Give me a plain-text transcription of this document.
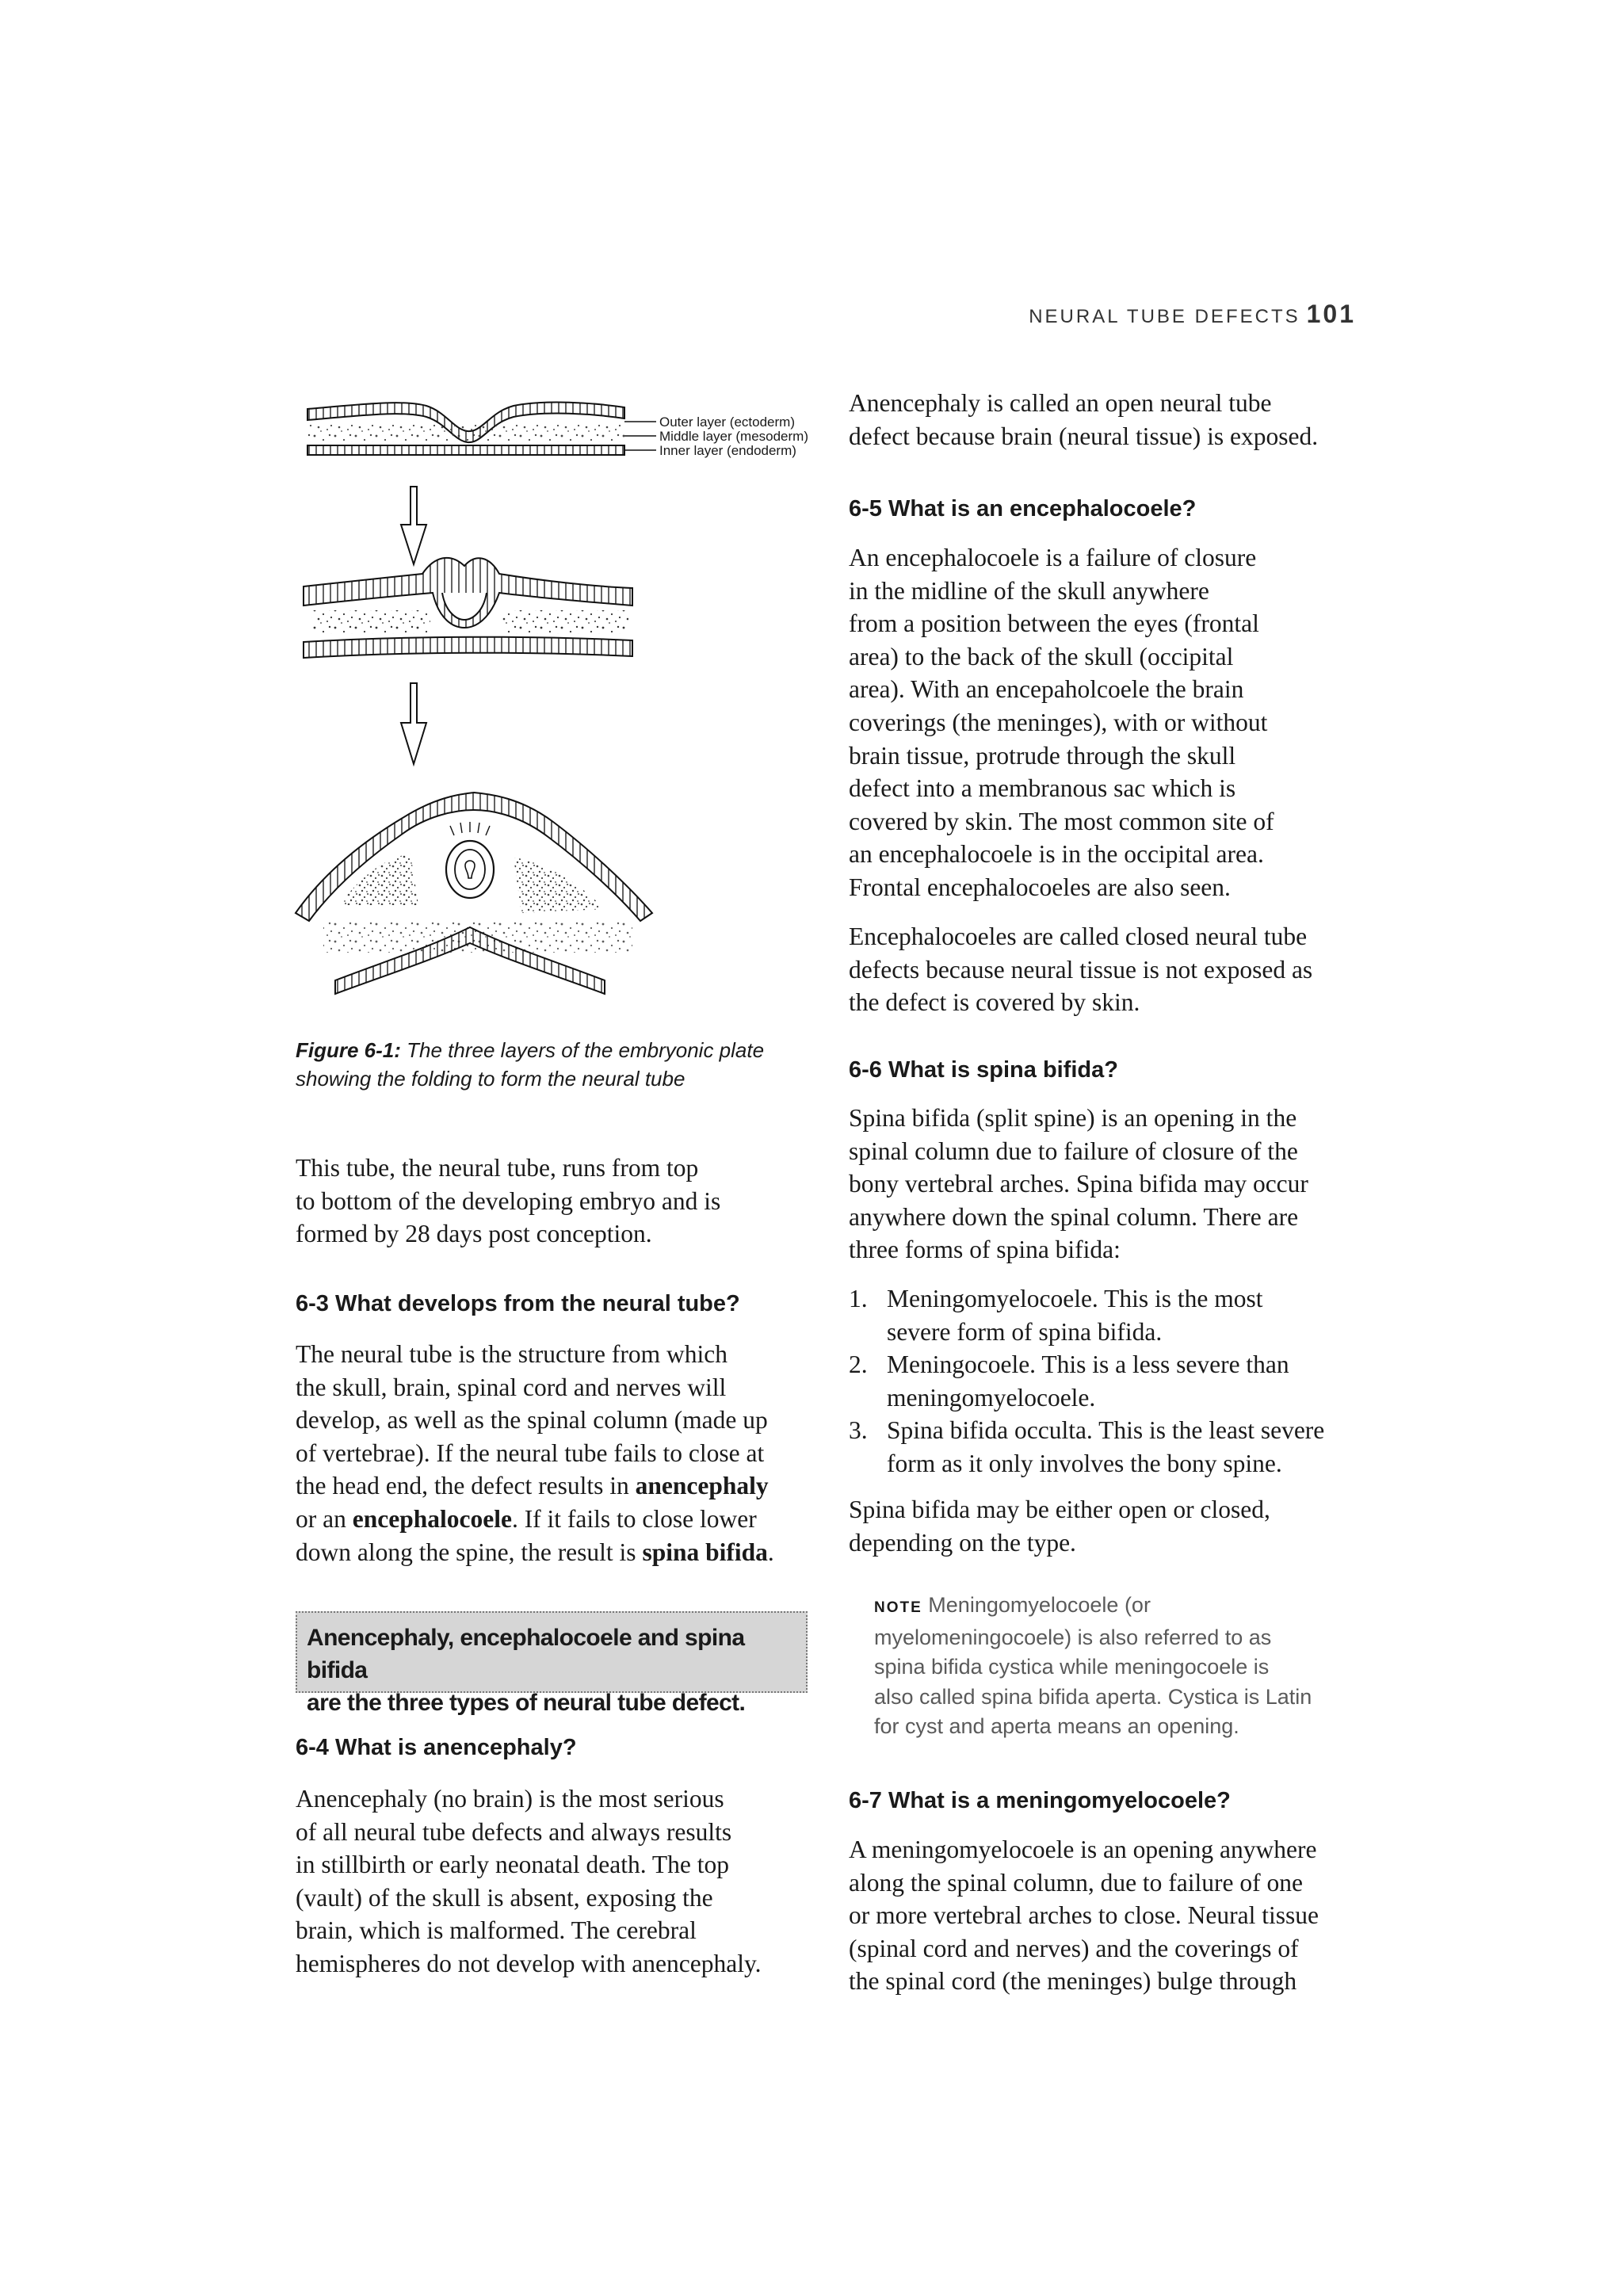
NEURAL TUBE DEFECTS 101
Outer layer (ectoderm)
Middle layer (mesoderm)
Inner layer (endoderm)

Figure 6-1: The three layers of the embryonic plate

showing the folding to form the neural tube

This tube, the neural tube, runs from top

to bottom of the developing embryo and is

formed by 28 days post conception.

6-3 What develops from the neural tube?

The neural tube is the structure from which

the skull, brain, spinal cord and nerves will

develop, as well as the spinal column (made up

of vertebrae). If the neural tube fails to close at

the head end, the defect results in anencephaly

or an encephalocoele. If it fails to close lower

down along the spine, the result is spina bifida.

Anencephaly, encephalocoele and spina bifida
are the three types of neural tube defect.
6-4 What is anencephaly?

Anencephaly (no brain) is the most serious

of all neural tube defects and always results

in stillbirth or early neonatal death. The top

(vault) of the skull is absent, exposing the

brain, which is malformed. The cerebral

hemispheres do not develop with anencephaly.

Anencephaly is called an open neural tube

defect because brain (neural tissue) is exposed.

6-5 What is an encephalocoele?

An encephalocoele is a failure of closure

in the midline of the skull anywhere

from a position between the eyes (frontal

area) to the back of the skull (occipital

area). With an encepaholcoele the brain

coverings (the meninges), with or without

brain tissue, protrude through the skull

defect into a membranous sac which is

covered by skin. The most common site of

an encephalocoele is in the occipital area.

Frontal encephalocoeles are also seen.

Encephalocoeles are called closed neural tube

defects because neural tissue is not exposed as

the defect is covered by skin.

6-6 What is spina bifida?

Spina bifida (split spine) is an opening in the

spinal column due to failure of closure of the

bony vertebral arches. Spina bifida may occur

anywhere down the spinal column. There are

three forms of spina bifida:

1. Meningomyelocoele. This is the most
severe form of spina bifida.
2. Meningocoele. This is a less severe than
meningomyelocoele.
3. Spina bifida occulta. This is the least severe
form as it only involves the bony spine.

Spina bifida may be either open or closed,

depending on the type.

NOTE Meningomyelocoele (or

myelomeningocoele) is also referred to as

spina bifida cystica while meningocoele is

also called spina bifida aperta. Cystica is Latin

for cyst and aperta means an opening.

6-7 What is a meningomyelocoele?

A meningomyelocoele is an opening anywhere

along the spinal column, due to failure of one

or more vertebral arches to close. Neural tissue

(spinal cord and nerves) and the coverings of

the spinal cord (the meninges) bulge through
